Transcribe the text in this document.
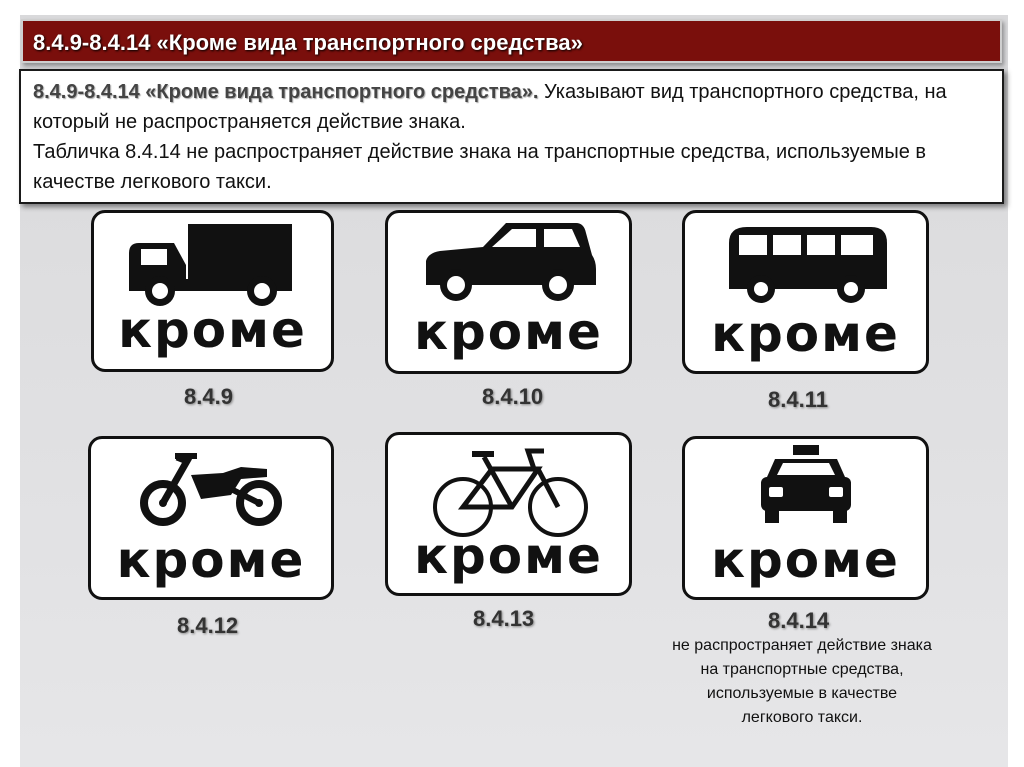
8.4.9-8.4.14 «Кроме вида транспортного средства»
8.4.9-8.4.14 «Кроме вида транспортного средства». Указывают вид транспортного средства, на который не распространяется действие знака.
Табличка 8.4.14 не распространяет действие знака на транспортные средства, используемые в качестве легкового такси.
кроме
8.4.9
кроме
8.4.10
кроме
8.4.11
кроме
8.4.12
кроме
8.4.13
кроме
8.4.14
не распространяет действие знака на транспортные средства, используемые в качестве легкового такси.
